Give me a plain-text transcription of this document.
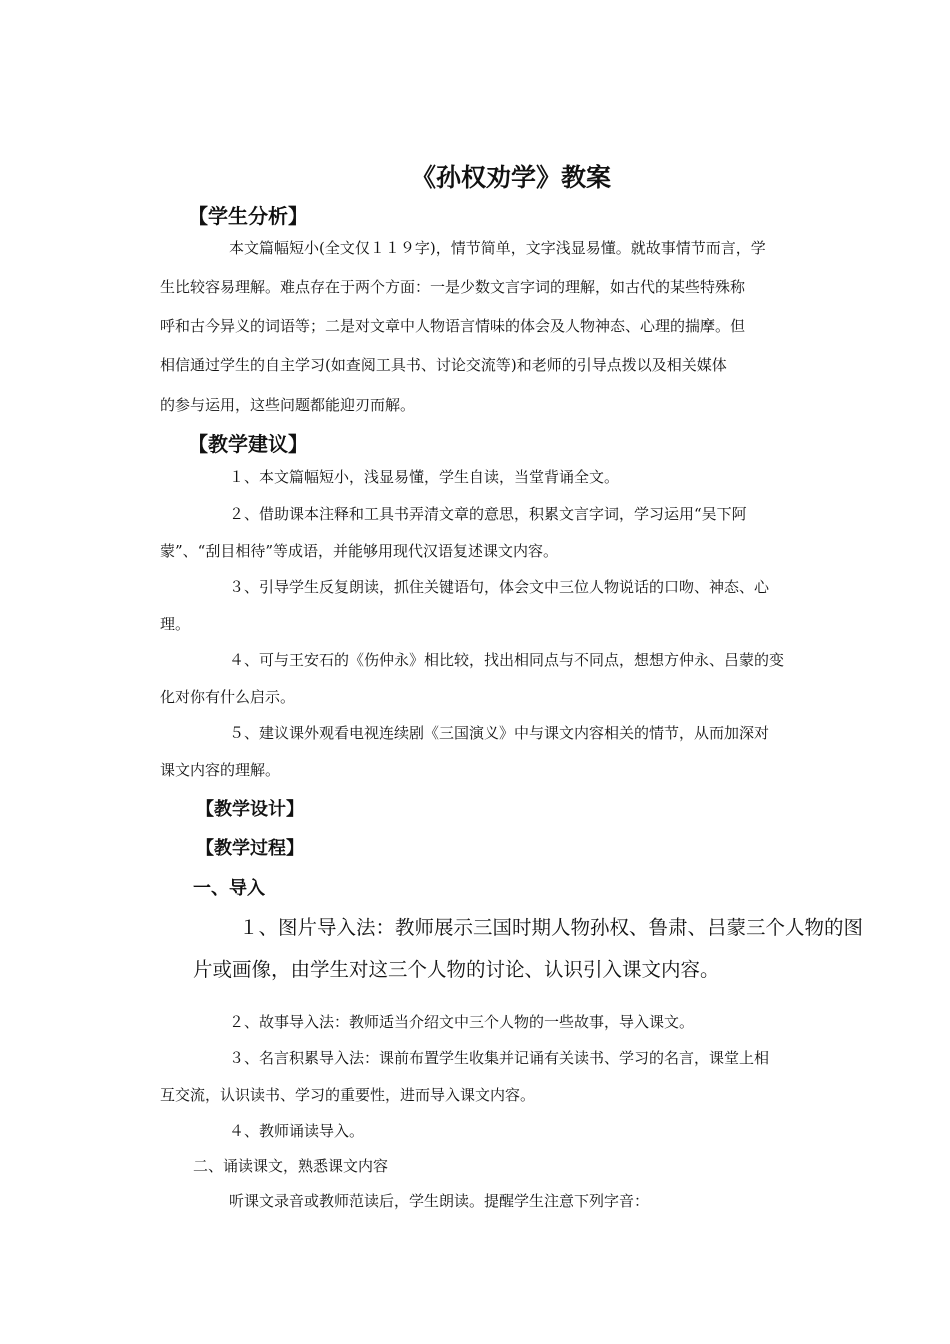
《孙权劝学》教案
【学生分析】

本文篇幅短小(全文仅１１９字)，情节简单，文字浅显易懂。就故事情节而言，学

生比较容易理解。难点存在于两个方面：一是少数文言字词的理解，如古代的某些特殊称

呼和古今异义的词语等；二是对文章中人物语言情味的体会及人物神态、心理的揣摩。但

相信通过学生的自主学习(如查阅工具书、讨论交流等)和老师的引导点拨以及相关媒体

的参与运用，这些问题都能迎刃而解。

【教学建议】

１、本文篇幅短小，浅显易懂，学生自读，当堂背诵全文。

２、借助课本注释和工具书弄清文章的意思，积累文言字词，学习运用“吴下阿

蒙”、“刮目相待”等成语，并能够用现代汉语复述课文内容。

３、引导学生反复朗读，抓住关键语句，体会文中三位人物说话的口吻、神态、心

理。

４、可与王安石的《伤仲永》相比较，找出相同点与不同点，想想方仲永、吕蒙的变

化对你有什么启示。

５、建议课外观看电视连续剧《三国演义》中与课文内容相关的情节，从而加深对

课文内容的理解。

【教学设计】
【教学过程】
一、导入

１、图片导入法：教师展示三国时期人物孙权、鲁肃、吕蒙三个人物的图

片或画像，由学生对这三个人物的讨论、认识引入课文内容。

２、故事导入法：教师适当介绍文中三个人物的一些故事，导入课文。

３、名言积累导入法：课前布置学生收集并记诵有关读书、学习的名言，课堂上相

互交流，认识读书、学习的重要性，进而导入课文内容。

４、教师诵读导入。

二、诵读课文，熟悉课文内容

听课文录音或教师范读后，学生朗读。提醒学生注意下列字音：
